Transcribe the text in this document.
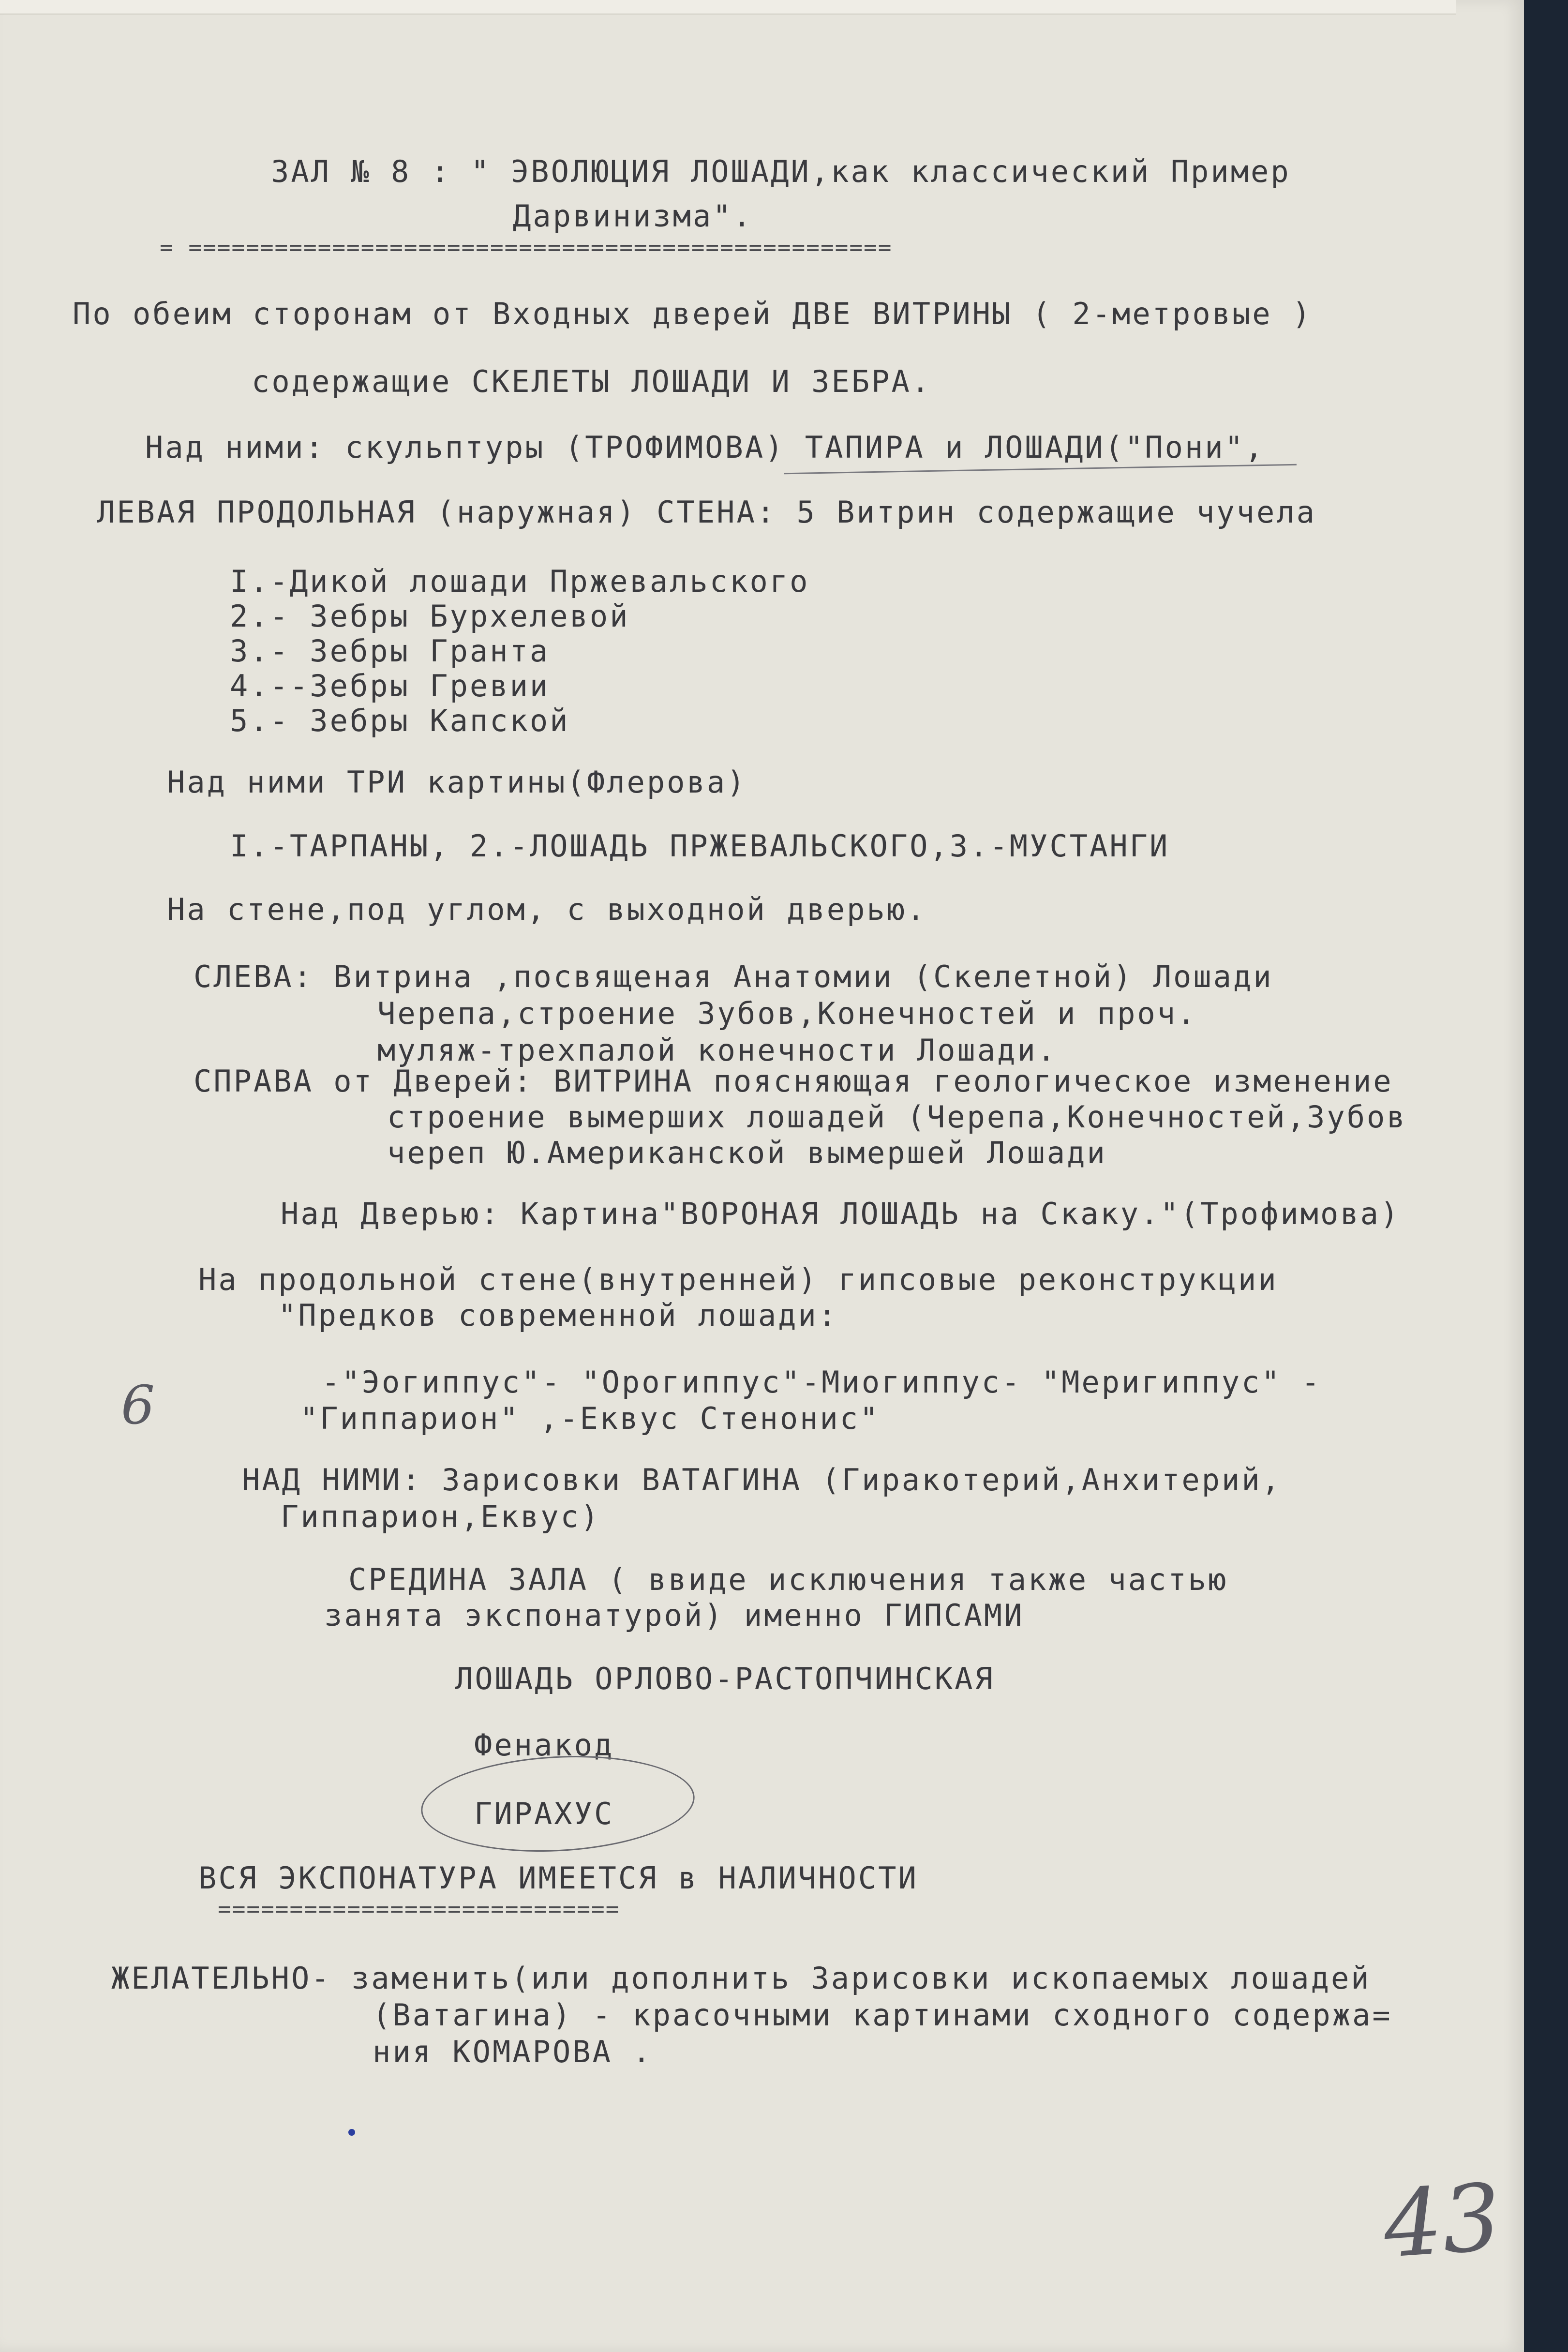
ЗАЛ № 8 : " ЭВОЛЮЦИЯ ЛОШАДИ,как классический Пример

Дарвинизма".

= =================================================

По обеим сторонам от Входных дверей ДВЕ ВИТРИНЫ ( 2-метровые )

содержащие СКЕЛЕТЫ ЛОШАДИ И ЗЕБРА.

Над ними: скульптуры (ТРОФИМОВА) ТАПИРА и ЛОШАДИ("Пони",

ЛЕВАЯ ПРОДОЛЬНАЯ (наружная) СТЕНА: 5 Витрин содержащие чучела

I.-Дикой лошади Пржевальского

2.- Зебры Бурхелевой

3.- Зебры Гранта

4.--Зебры Гревии

5.- Зебры Капской

Над ними ТРИ картины(Флерова)

I.-ТАРПАНЫ, 2.-ЛОШАДЬ ПРЖЕВАЛЬСКОГО,3.-МУСТАНГИ

На стене,под углом, с выходной дверью.

СЛЕВА: Витрина ,посвященая Анатомии (Скелетной) Лошади

Черепа,строение Зубов,Конечностей и проч.

муляж-трехпалой конечности Лошади.

СПРАВА от Дверей: ВИТРИНА поясняющая геологическое изменение

строение вымерших лошадей (Черепа,Конечностей,Зубов

череп Ю.Американской вымершей Лошади

Над Дверью: Картина"ВОРОНАЯ ЛОШАДЬ на Скаку."(Трофимова)

На продольной стене(внутренней) гипсовые реконструкции

"Предков современной лошади:

-"Эогиппус"- "Орогиппус"-Миогиппус- "Меригиппус" -

"Гиппарион" ,-Еквус Стенонис"

6

НАД НИМИ: Зарисовки ВАТАГИНА (Гиракотерий,Анхитерий,

Гиппарион,Еквус)

СРЕДИНА ЗАЛА ( ввиде исключения также частью

занята экспонатурой) именно ГИПСАМИ

ЛОШАДЬ ОРЛОВО-РАСТОПЧИНСКАЯ

Фенакод

ГИРАХУС

ВСЯ ЭКСПОНАТУРА ИМЕЕТСЯ в НАЛИЧНОСТИ

============================

ЖЕЛАТЕЛЬНО- заменить(или дополнить Зарисовки ископаемых лошадей

(Ватагина) - красочными картинами сходного содержа=

ния КОМАРОВА .

43
